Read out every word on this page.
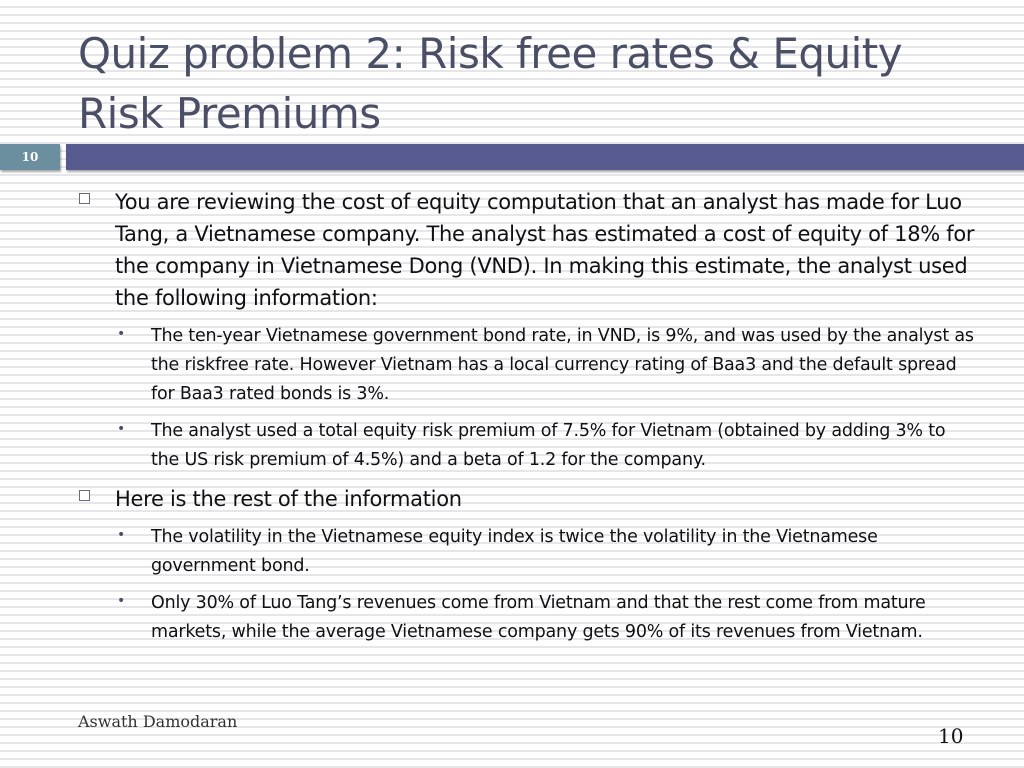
Quiz problem 2: Risk free rates & Equity Risk Premiums
10
You are reviewing the cost of equity computation that an analyst has made for Luo Tang, a Vietnamese company. The analyst has estimated a cost of equity of 18% for the company in Vietnamese Dong (VND). In making this estimate, the analyst used the following information:
• The ten-year Vietnamese government bond rate, in VND, is 9%, and was used by the analyst as the riskfree rate. However Vietnam has a local currency rating of Baa3 and the default spread for Baa3 rated bonds is 3%.
• The analyst used a total equity risk premium of 7.5% for Vietnam (obtained by adding 3% to the US risk premium of 4.5%) and a beta of 1.2 for the company.
Here is the rest of the information
• The volatility in the Vietnamese equity index is twice the volatility in the Vietnamese government bond.
• Only 30% of Luo Tang’s revenues come from Vietnam and that the rest come from mature markets, while the average Vietnamese company gets 90% of its revenues from Vietnam.
Aswath Damodaran
10
